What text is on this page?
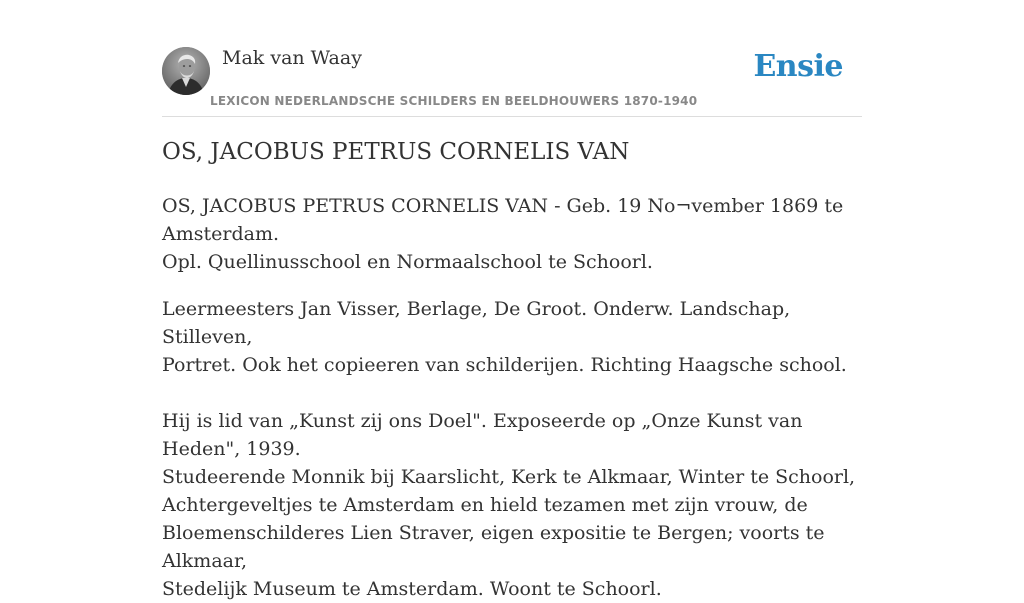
Mak van Waay
LEXICON NEDERLANDSCHE SCHILDERS EN BEELDHOUWERS 1870-1940
Ensie
OS, JACOBUS PETRUS CORNELIS VAN

OS, JACOBUS PETRUS CORNELIS VAN - Geb. 19 No¬vember 1869 te Amsterdam.
Opl. Quellinusschool en Normaalschool te Schoorl.

Leermeesters Jan Visser, Berlage, De Groot. Onderw. Landschap, Stilleven,
Portret. Ook het copieeren van schilderijen. Richting Haagsche school.

Hij is lid van „Kunst zij ons Doel". Exposeerde op „Onze Kunst van Heden", 1939.
Studeerende Monnik bij Kaarslicht, Kerk te Alkmaar, Winter te Schoorl,
Achtergeveltjes te Amsterdam en hield tezamen met zijn vrouw, de
Bloemenschilderes Lien Straver, eigen expositie te Bergen; voorts te Alkmaar,
Stedelijk Museum te Amsterdam. Woont te Schoorl.
